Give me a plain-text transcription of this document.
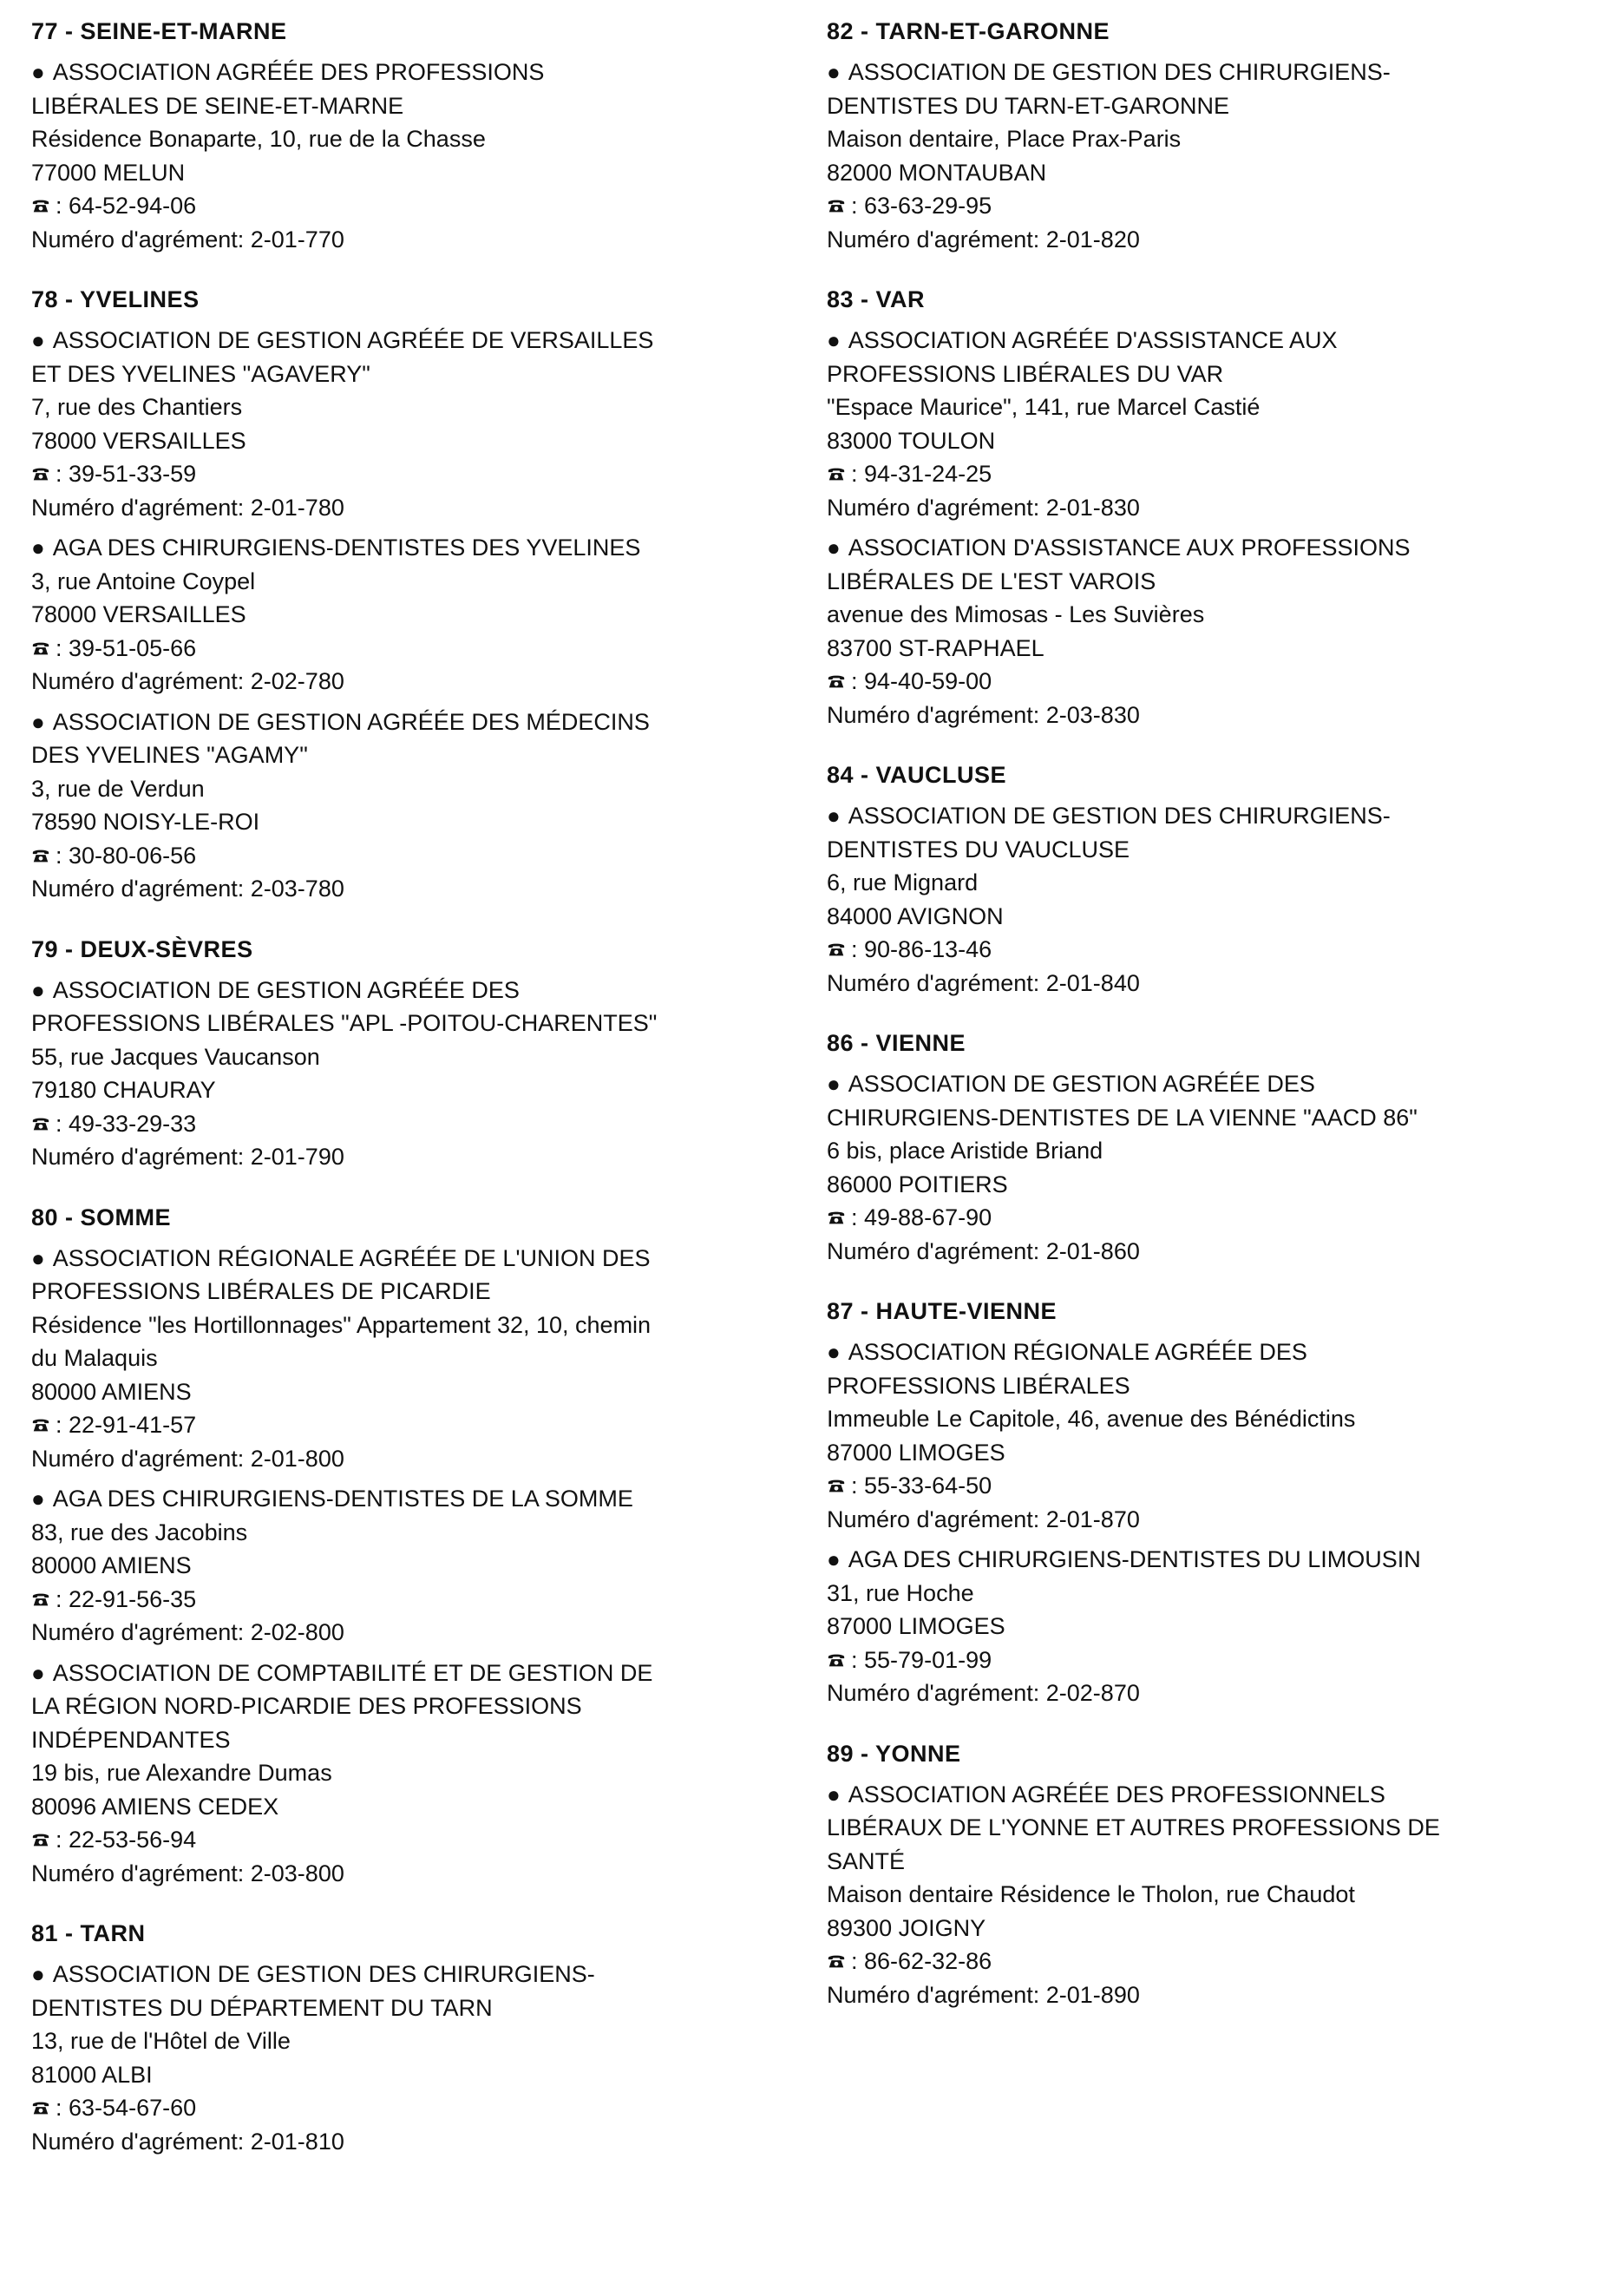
77 - SEINE-ET-MARNE
● ASSOCIATION AGRÉÉE DES PROFESSIONS
LIBÉRALES DE SEINE-ET-MARNE
Résidence Bonaparte, 10, rue de la Chasse
77000 MELUN
: 64-52-94-06
Numéro d'agrément: 2-01-770
78 - YVELINES
● ASSOCIATION DE GESTION AGRÉÉE DE VERSAILLES
ET DES YVELINES "AGAVERY"
7, rue des Chantiers
78000 VERSAILLES
: 39-51-33-59
Numéro d'agrément: 2-01-780
● AGA DES CHIRURGIENS-DENTISTES DES YVELINES
3, rue Antoine Coypel
78000 VERSAILLES
: 39-51-05-66
Numéro d'agrément: 2-02-780
● ASSOCIATION DE GESTION AGRÉÉE DES MÉDECINS
DES YVELINES "AGAMY"
3, rue de Verdun
78590 NOISY-LE-ROI
: 30-80-06-56
Numéro d'agrément: 2-03-780
79 - DEUX-SÈVRES
● ASSOCIATION DE GESTION AGRÉÉE DES
PROFESSIONS LIBÉRALES "APL -POITOU-CHARENTES"
55, rue Jacques Vaucanson
79180 CHAURAY
: 49-33-29-33
Numéro d'agrément: 2-01-790
80 - SOMME
● ASSOCIATION RÉGIONALE AGRÉÉE DE L'UNION DES
PROFESSIONS LIBÉRALES DE PICARDIE
Résidence "les Hortillonnages" Appartement 32, 10, chemin
du Malaquis
80000 AMIENS
: 22-91-41-57
Numéro d'agrément: 2-01-800
● AGA DES CHIRURGIENS-DENTISTES DE LA SOMME
83, rue des Jacobins
80000 AMIENS
: 22-91-56-35
Numéro d'agrément: 2-02-800
● ASSOCIATION DE COMPTABILITÉ ET DE GESTION DE
LA RÉGION NORD-PICARDIE DES PROFESSIONS
INDÉPENDANTES
19 bis, rue Alexandre Dumas
80096 AMIENS CEDEX
: 22-53-56-94
Numéro d'agrément: 2-03-800
81 - TARN
● ASSOCIATION DE GESTION DES CHIRURGIENS-
DENTISTES DU DÉPARTEMENT DU TARN
13, rue de l'Hôtel de Ville
81000 ALBI
: 63-54-67-60
Numéro d'agrément: 2-01-810
82 - TARN-ET-GARONNE
● ASSOCIATION DE GESTION DES CHIRURGIENS-
DENTISTES DU TARN-ET-GARONNE
Maison dentaire, Place Prax-Paris
82000 MONTAUBAN
: 63-63-29-95
Numéro d'agrément: 2-01-820
83 - VAR
● ASSOCIATION AGRÉÉE D'ASSISTANCE AUX
PROFESSIONS LIBÉRALES DU VAR
"Espace Maurice", 141, rue Marcel Castié
83000 TOULON
: 94-31-24-25
Numéro d'agrément: 2-01-830
● ASSOCIATION D'ASSISTANCE AUX PROFESSIONS
LIBÉRALES DE L'EST VAROIS
avenue des Mimosas - Les Suvières
83700 ST-RAPHAEL
: 94-40-59-00
Numéro d'agrément: 2-03-830
84 - VAUCLUSE
● ASSOCIATION DE GESTION DES CHIRURGIENS-
DENTISTES DU VAUCLUSE
6, rue Mignard
84000 AVIGNON
: 90-86-13-46
Numéro d'agrément: 2-01-840
86 - VIENNE
● ASSOCIATION DE GESTION AGRÉÉE DES
CHIRURGIENS-DENTISTES DE LA VIENNE "AACD 86"
6 bis, place Aristide Briand
86000 POITIERS
: 49-88-67-90
Numéro d'agrément: 2-01-860
87 - HAUTE-VIENNE
● ASSOCIATION RÉGIONALE AGRÉÉE DES
PROFESSIONS LIBÉRALES
Immeuble Le Capitole, 46, avenue des Bénédictins
87000 LIMOGES
: 55-33-64-50
Numéro d'agrément: 2-01-870
● AGA DES CHIRURGIENS-DENTISTES DU LIMOUSIN
31, rue Hoche
87000 LIMOGES
: 55-79-01-99
Numéro d'agrément: 2-02-870
89 - YONNE
● ASSOCIATION AGRÉÉE DES PROFESSIONNELS
LIBÉRAUX DE L'YONNE ET AUTRES PROFESSIONS DE
SANTÉ
Maison dentaire Résidence le Tholon, rue Chaudot
89300 JOIGNY
: 86-62-32-86
Numéro d'agrément: 2-01-890
